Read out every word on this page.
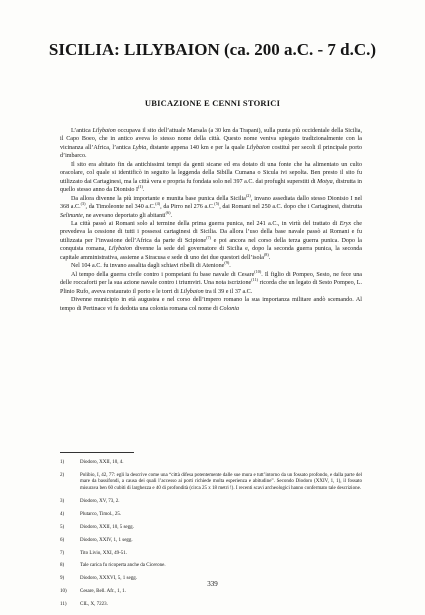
SICILIA: LILYBAION (ca. 200 a.C. - 7 d.C.)
UBICAZIONE E CENNI STORICI

L’antica Lilybaion occupava il sito dell’attuale Marsala (a 30 km da Trapani), sulla punta più occidentale della Sicilia, il Capo Boeo, che in antico aveva lo stesso nome della città. Questo nome veniva spiegato tradizionalmente con la vicinanza all’Africa, l’antica Lybia, distante appena 140 km e per la quale Lilybaion costituì per secoli il principale porto d’imbarco.

Il sito era abitato fin da antichissimi tempi da genti sicane ed era dotato di una fonte che ha alimentato un culto oracolare, col quale si identificò in seguito la leggenda della Sibilla Cumana o Sicula ivi sepolta. Ben presto il sito fu utilizzato dai Cartaginesi, ma la città vera e propria fu fondata solo nel 397 a.C. dai profughi superstiti di Motya, distrutta in quello stesso anno da Dionisio $I^{(1)}$.

Da allora divenne la più importante e munita base punica della Sicilia$^{(2)}$, invano assediata dallo stesso Dionisio I nel 368 a.C.$^{(3)}$, da Timoleonte nel 340 a.C.$^{(4)}$, da Pirro nel 276 a.C.$^{(5)}$, dai Romani nel 250 a.C. dopo che i Cartaginesi, distrutta Selinunte, ne avevano deportato gli abitanti$^{(6)}$.

La città passò ai Romani solo al termine della prima guerra punica, nel 241 a.C., in virtù del trattato di Eryx che prevedeva la cessione di tutti i possessi cartaginesi di Sicilia. Da allora l’uso della base navale passò ai Romani e fu utilizzata per l’invasione dell’Africa da parte di Scipione$^{(7)}$ e poi ancora nel corso della terza guerra punica. Dopo la conquista romana, Lilybaion divenne la sede del governatore di Sicilia e, dopo la seconda guerra punica, la seconda capitale amministrativa, assieme a Siracusa e sede di uno dei due questori dell’isola$^{(8)}$.

Nel 104 a.C. fu invano assalita dagli schiavi ribelli di Atenione$^{(9)}$.

Al tempo della guerra civile contro i pompeiani fu base navale di Cesare$^{(10)}$. Il figlio di Pompeo, Sesto, ne fece una delle roccaforti per la sua azione navale contro i triumviri. Una nota iscrizione$^{(11)}$ ricorda che un legato di Sesto Pompeo, L. Plinio Rufo, aveva restaurato il porto e le torri di Lilybaion tra il 39 e il 37 a.C.

Divenne municipio in età augustea e nel corso dell’impero romano la sua importanza militare andò scemando. Al tempo di Pertinace vi fu dedotta una colonia romana col nome di Colonia

1)	Diodoro, XXII, 10, 4.
2)	Polibio, I, 42, 77: egli la descrive come una “città difesa potentemente dalle sue mura e tutt’intorno da un fossato profondo, e dalla parte del mare da bassifondi, a causa dei quali l’accesso ai porti richiede molta esperienza e abitudine”. Secondo Diodoro (XXIV, 1, 1), il fossato misurava ben 60 cubiti di larghezza e 40 di profondità (circa 25 x 18 metri !). I recenti scavi archeologici hanno confermato tale descrizione.
3)	Diodoro, XV, 73, 2.
4)	Plutarco, Timol., 25.
5)	Diodoro, XXII, 10, 5 segg.
6)	Diodoro, XXIV, 1, 1 segg.
7)	Tito Livio, XXI, 49-51.
8)	Tale carica fu ricoperta anche da Cicerone.
9)	Diodoro, XXXVI, 5, 1 segg.
10)	Cesare, Bell. Afr., 1, 1.
11)	CIL, X, 7223.
339
